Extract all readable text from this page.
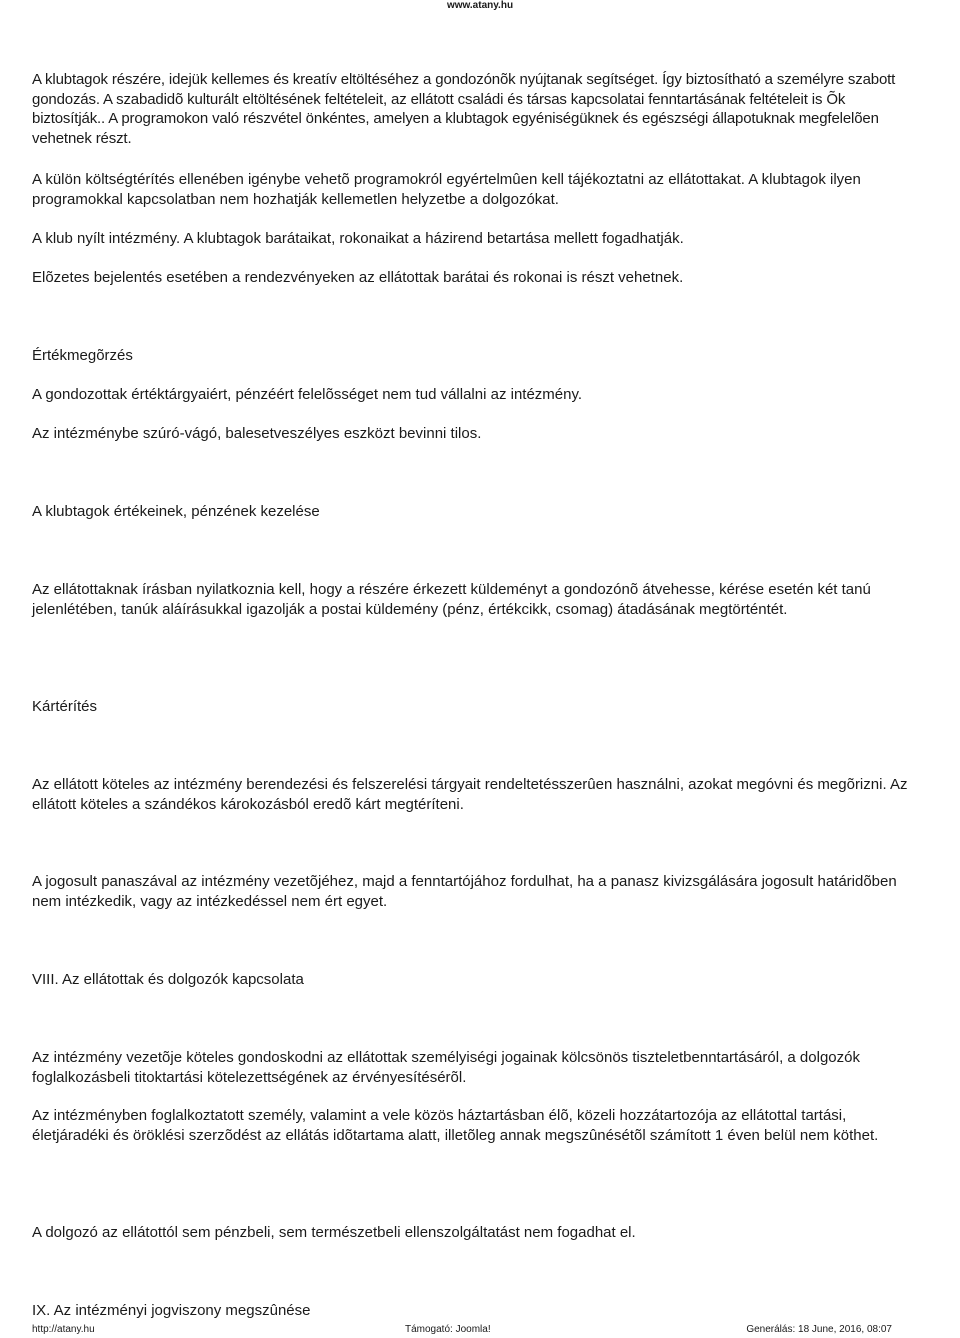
www.atany.hu

A klubtagok részére, idejük kellemes és kreatív eltöltéséhez a gondozónõk nyújtanak segítséget. Így biztosítható a személyre szabott gondozás. A szabadidõ kulturált eltöltésének feltételeit, az ellátott családi és társas kapcsolatai fenntartásának feltételeit is Õk biztosítják.. A programokon való részvétel önkéntes, amelyen a klubtagok egyéniségüknek és egészségi állapotuknak megfelelõen vehetnek részt.

A külön költségtérítés ellenében igénybe vehetõ programokról egyértelmûen kell tájékoztatni az ellátottakat. A klubtagok ilyen programokkal kapcsolatban nem hozhatják kellemetlen helyzetbe a dolgozókat.

A klub nyílt intézmény. A klubtagok barátaikat, rokonaikat a házirend betartása mellett fogadhatják.

Elõzetes bejelentés esetében a rendezvényeken az ellátottak barátai és rokonai is részt vehetnek.

Értékmegõrzés

A gondozottak értéktárgyaiért, pénzéért felelõsséget nem tud vállalni az intézmény.

Az intézménybe szúró-vágó, balesetveszélyes eszközt bevinni tilos.

A klubtagok értékeinek, pénzének kezelése

Az ellátottaknak írásban nyilatkoznia kell, hogy a részére érkezett küldeményt a gondozónõ átvehesse, kérése esetén két tanú jelenlétében, tanúk aláírásukkal igazolják a postai küldemény (pénz, értékcikk, csomag) átadásának megtörténtét.

Kártérítés

Az ellátott köteles az intézmény berendezési és felszerelési tárgyait rendeltetésszerûen használni, azokat megóvni és megõrizni. Az ellátott köteles a szándékos károkozásból eredõ kárt megtéríteni.

A jogosult panaszával az intézmény vezetõjéhez, majd a fenntartójához fordulhat, ha a panasz kivizsgálására jogosult határidõben nem intézkedik, vagy az intézkedéssel nem ért egyet.

VIII. Az ellátottak és dolgozók kapcsolata

Az intézmény vezetõje köteles gondoskodni az ellátottak személyiségi jogainak kölcsönös tiszteletbenntartásáról, a dolgozók foglalkozásbeli titoktartási kötelezettségének az érvényesítésérõl.

Az intézményben foglalkoztatott személy, valamint a vele közös háztartásban élõ, közeli hozzátartozója az ellátottal tartási, életjáradéki és öröklési szerzõdést az ellátás idõtartama alatt, illetõleg annak megszûnésétõl számított 1 éven belül nem köthet.

A dolgozó az ellátottól sem pénzbeli, sem természetbeli ellenszolgáltatást nem fogadhat el.

IX. Az intézményi jogviszony megszûnése

http://atany.hu	Támogató: Joomla!	Generálás: 18 June, 2016, 08:07
